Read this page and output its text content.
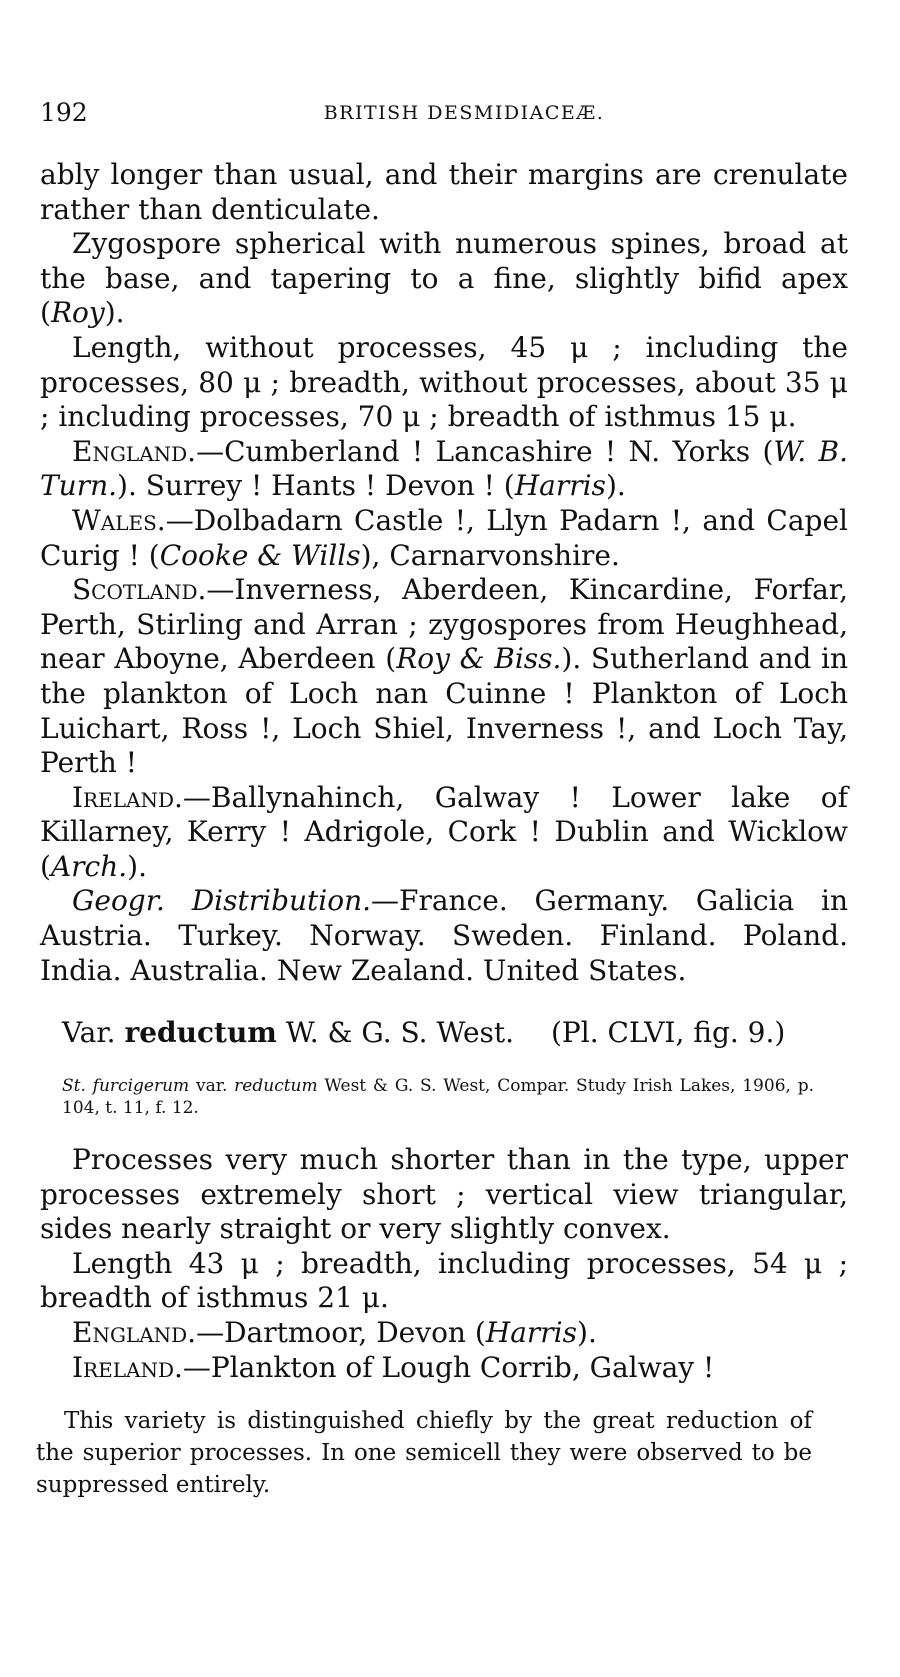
192	BRITISH DESMIDIACEÆ.

ably longer than usual, and their margins are crenulate rather than denticulate.

Zygospore spherical with numerous spines, broad at the base, and tapering to a fine, slightly bifid apex (Roy).

Length, without processes, 45 μ ; including the processes, 80 μ ; breadth, without processes, about 35 μ ; including processes, 70 μ ; breadth of isthmus 15 μ.

England.—Cumberland ! Lancashire ! N. Yorks (W. B. Turn.). Surrey ! Hants ! Devon ! (Harris).

Wales.—Dolbadarn Castle !, Llyn Padarn !, and Capel Curig ! (Cooke & Wills), Carnarvonshire.

Scotland.—Inverness, Aberdeen, Kincardine, Forfar, Perth, Stirling and Arran ; zygospores from Heughhead, near Aboyne, Aberdeen (Roy & Biss.). Sutherland and in the plankton of Loch nan Cuinne ! Plankton of Loch Luichart, Ross !, Loch Shiel, Inverness !, and Loch Tay, Perth !

Ireland.—Ballynahinch, Galway ! Lower lake of Killarney, Kerry ! Adrigole, Cork ! Dublin and Wicklow (Arch.).

Geogr. Distribution.—France. Germany. Galicia in Austria. Turkey. Norway. Sweden. Finland. Poland. India. Australia. New Zealand. United States.

Var. reductum W. & G. S. West. (Pl. CLVI, fig. 9.)
St. furcigerum var. reductum West & G. S. West, Compar. Study Irish Lakes, 1906, p. 104, t. 11, f. 12.

Processes very much shorter than in the type, upper processes extremely short ; vertical view triangular, sides nearly straight or very slightly convex.

Length 43 μ ; breadth, including processes, 54 μ ; breadth of isthmus 21 μ.

England.—Dartmoor, Devon (Harris).

Ireland.—Plankton of Lough Corrib, Galway !

This variety is distinguished chiefly by the great reduction of the superior processes. In one semicell they were observed to be suppressed entirely.
